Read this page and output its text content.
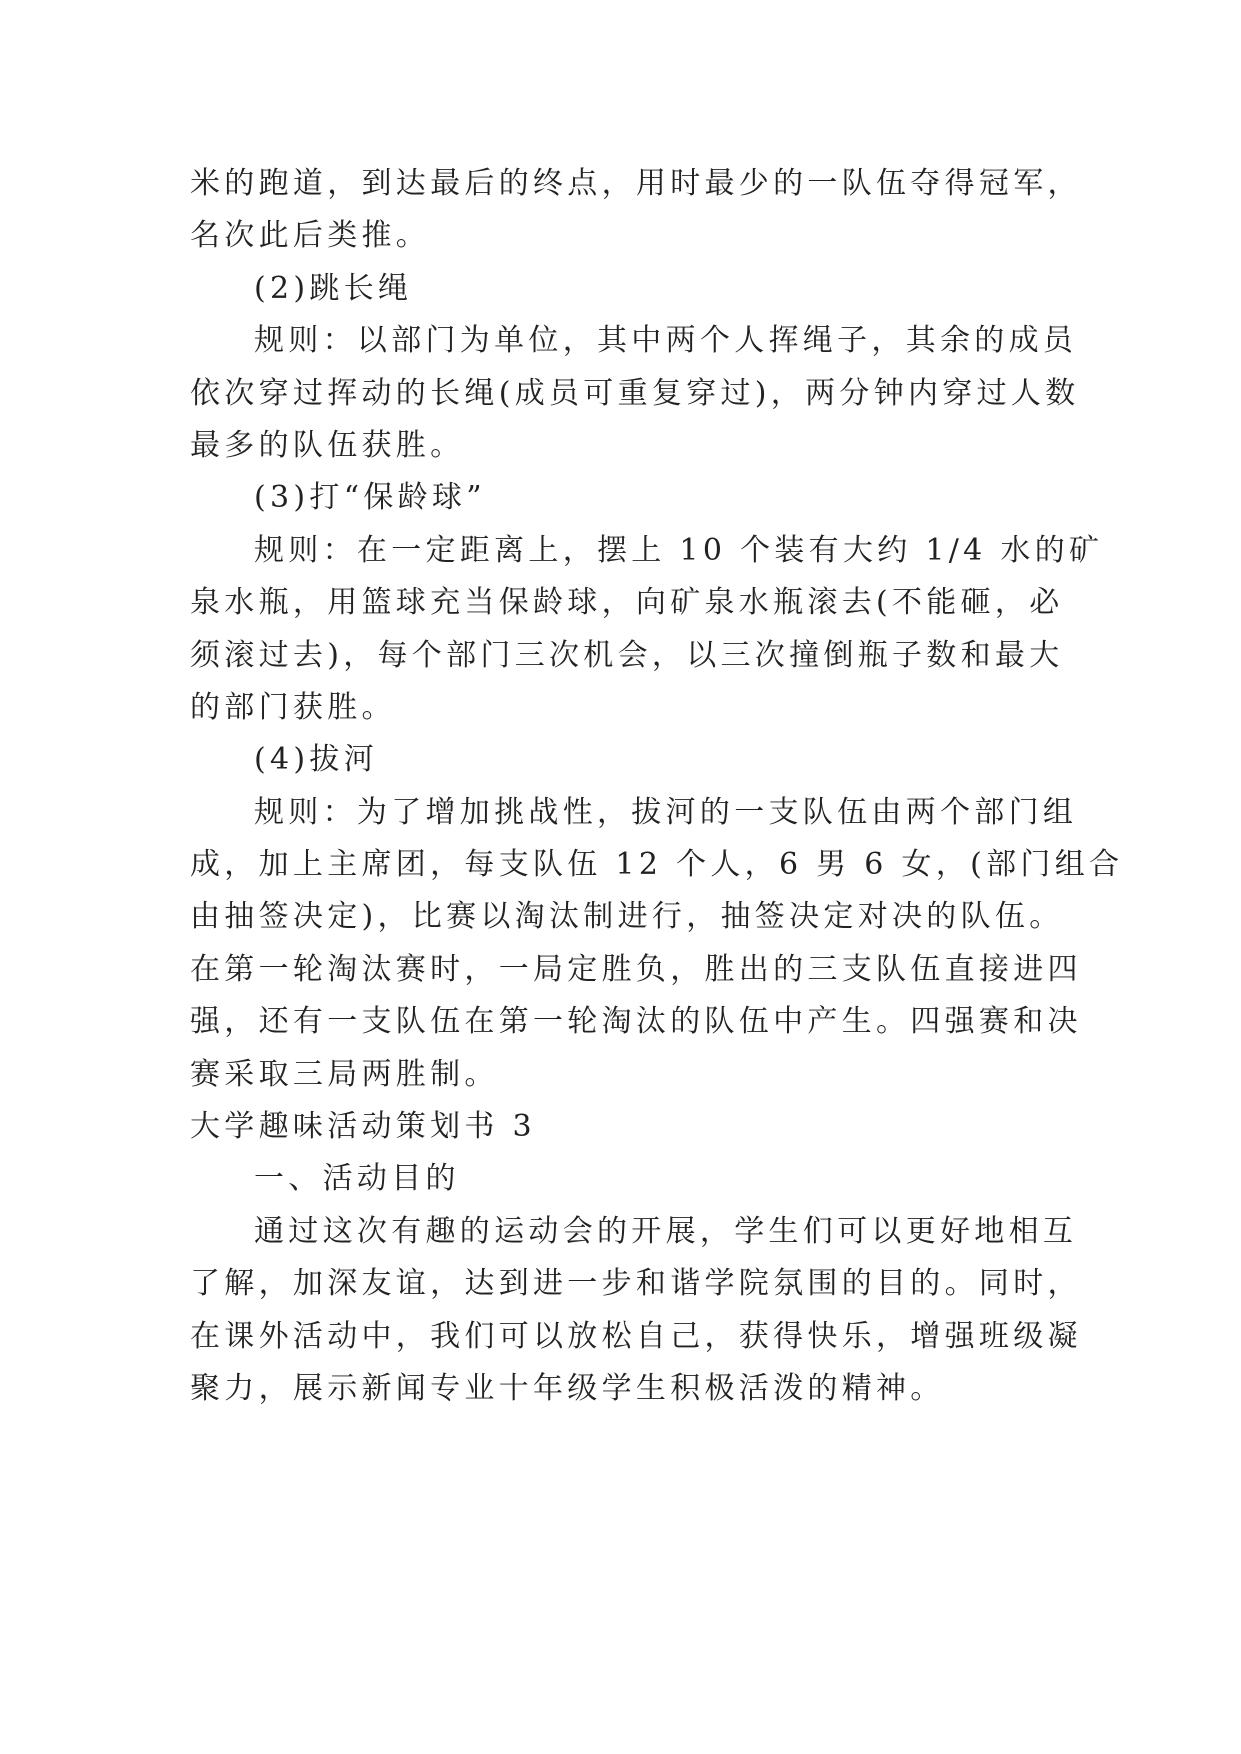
米的跑道，到达最后的终点，用时最少的一队伍夺得冠军，
名次此后类推。
(2)跳长绳
规则：以部门为单位，其中两个人挥绳子，其余的成员
依次穿过挥动的长绳(成员可重复穿过)，两分钟内穿过人数
最多的队伍获胜。
(3)打“保龄球”
规则：在一定距离上，摆上 10 个装有大约 1/4 水的矿
泉水瓶，用篮球充当保龄球，向矿泉水瓶滚去(不能砸，必
须滚过去)，每个部门三次机会，以三次撞倒瓶子数和最大
的部门获胜。
(4)拔河
规则：为了增加挑战性，拔河的一支队伍由两个部门组
成，加上主席团，每支队伍 12 个人，6 男 6 女，(部门组合
由抽签决定)，比赛以淘汰制进行，抽签决定对决的队伍。
在第一轮淘汰赛时，一局定胜负，胜出的三支队伍直接进四
强，还有一支队伍在第一轮淘汰的队伍中产生。四强赛和决
赛采取三局两胜制。
大学趣味活动策划书 3
一、活动目的
通过这次有趣的运动会的开展，学生们可以更好地相互
了解，加深友谊，达到进一步和谐学院氛围的目的。同时，
在课外活动中，我们可以放松自己，获得快乐，增强班级凝
聚力，展示新闻专业十年级学生积极活泼的精神。
